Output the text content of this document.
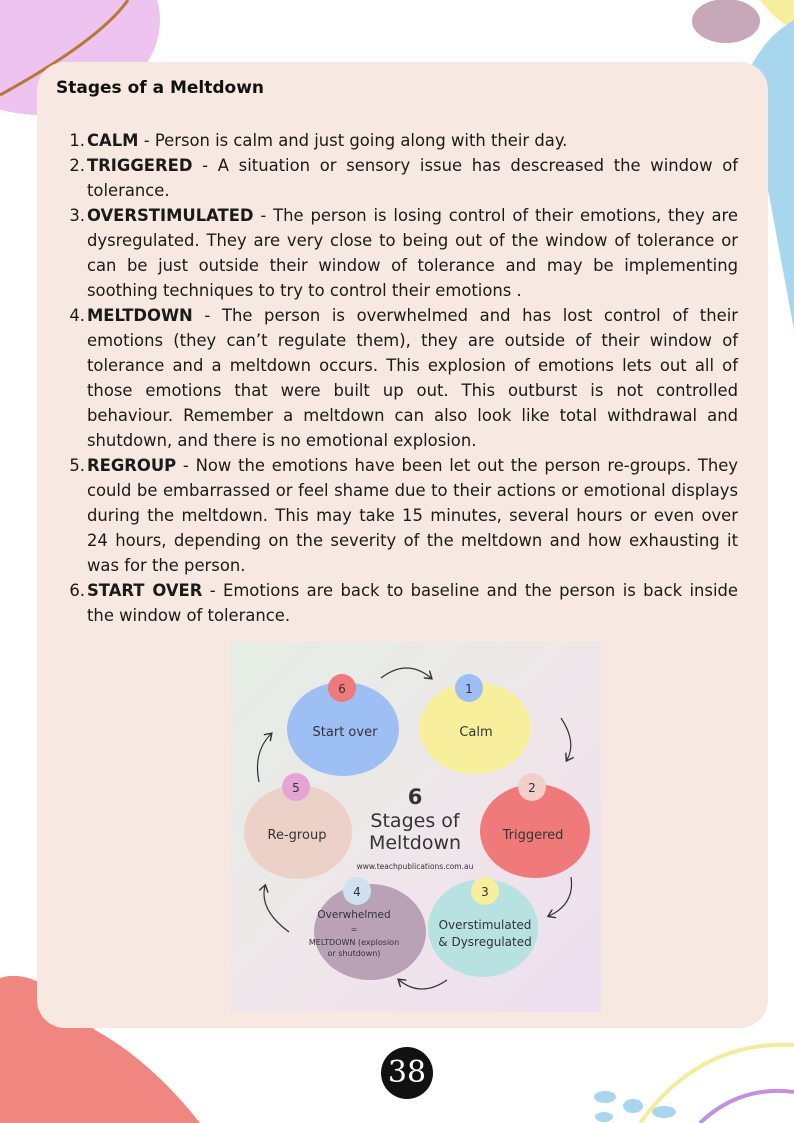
Stages of a Meltdown
1. CALM - Person is calm and just going along with their day.
2. TRIGGERED - A situation or sensory issue has descreased the window of tolerance.
3. OVERSTIMULATED - The person is losing control of their emotions, they are dysregulated. They are very close to being out of the window of tolerance or can be just outside their window of tolerance and may be implementing soothing techniques to try to control their emotions .
4. MELTDOWN - The person is overwhelmed and has lost control of their emotions (they can’t regulate them), they are outside of their window of tolerance and a meltdown occurs. This explosion of emotions lets out all of those emotions that were built up out. This outburst is not controlled behaviour. Remember a meltdown can also look like total withdrawal and shutdown, and there is no emotional explosion.
5. REGROUP - Now the emotions have been let out the person re-groups. They could be embarrassed or feel shame due to their actions or emotional displays during the meltdown. This may take 15 minutes, several hours or even over 24 hours, depending on the severity of the meltdown and how exhausting it was for the person.
6. START OVER - Emotions are back to baseline and the person is back inside the window of tolerance.
6
Start over
1
Calm
5
Re-group
2
Triggered
6
Stages of
Meltdown
www.teachpublications.com.au
4
Overwhelmed
=
MELTDOWN (explosion
or shutdown)
3
Overstimulated
& Dysregulated
38
